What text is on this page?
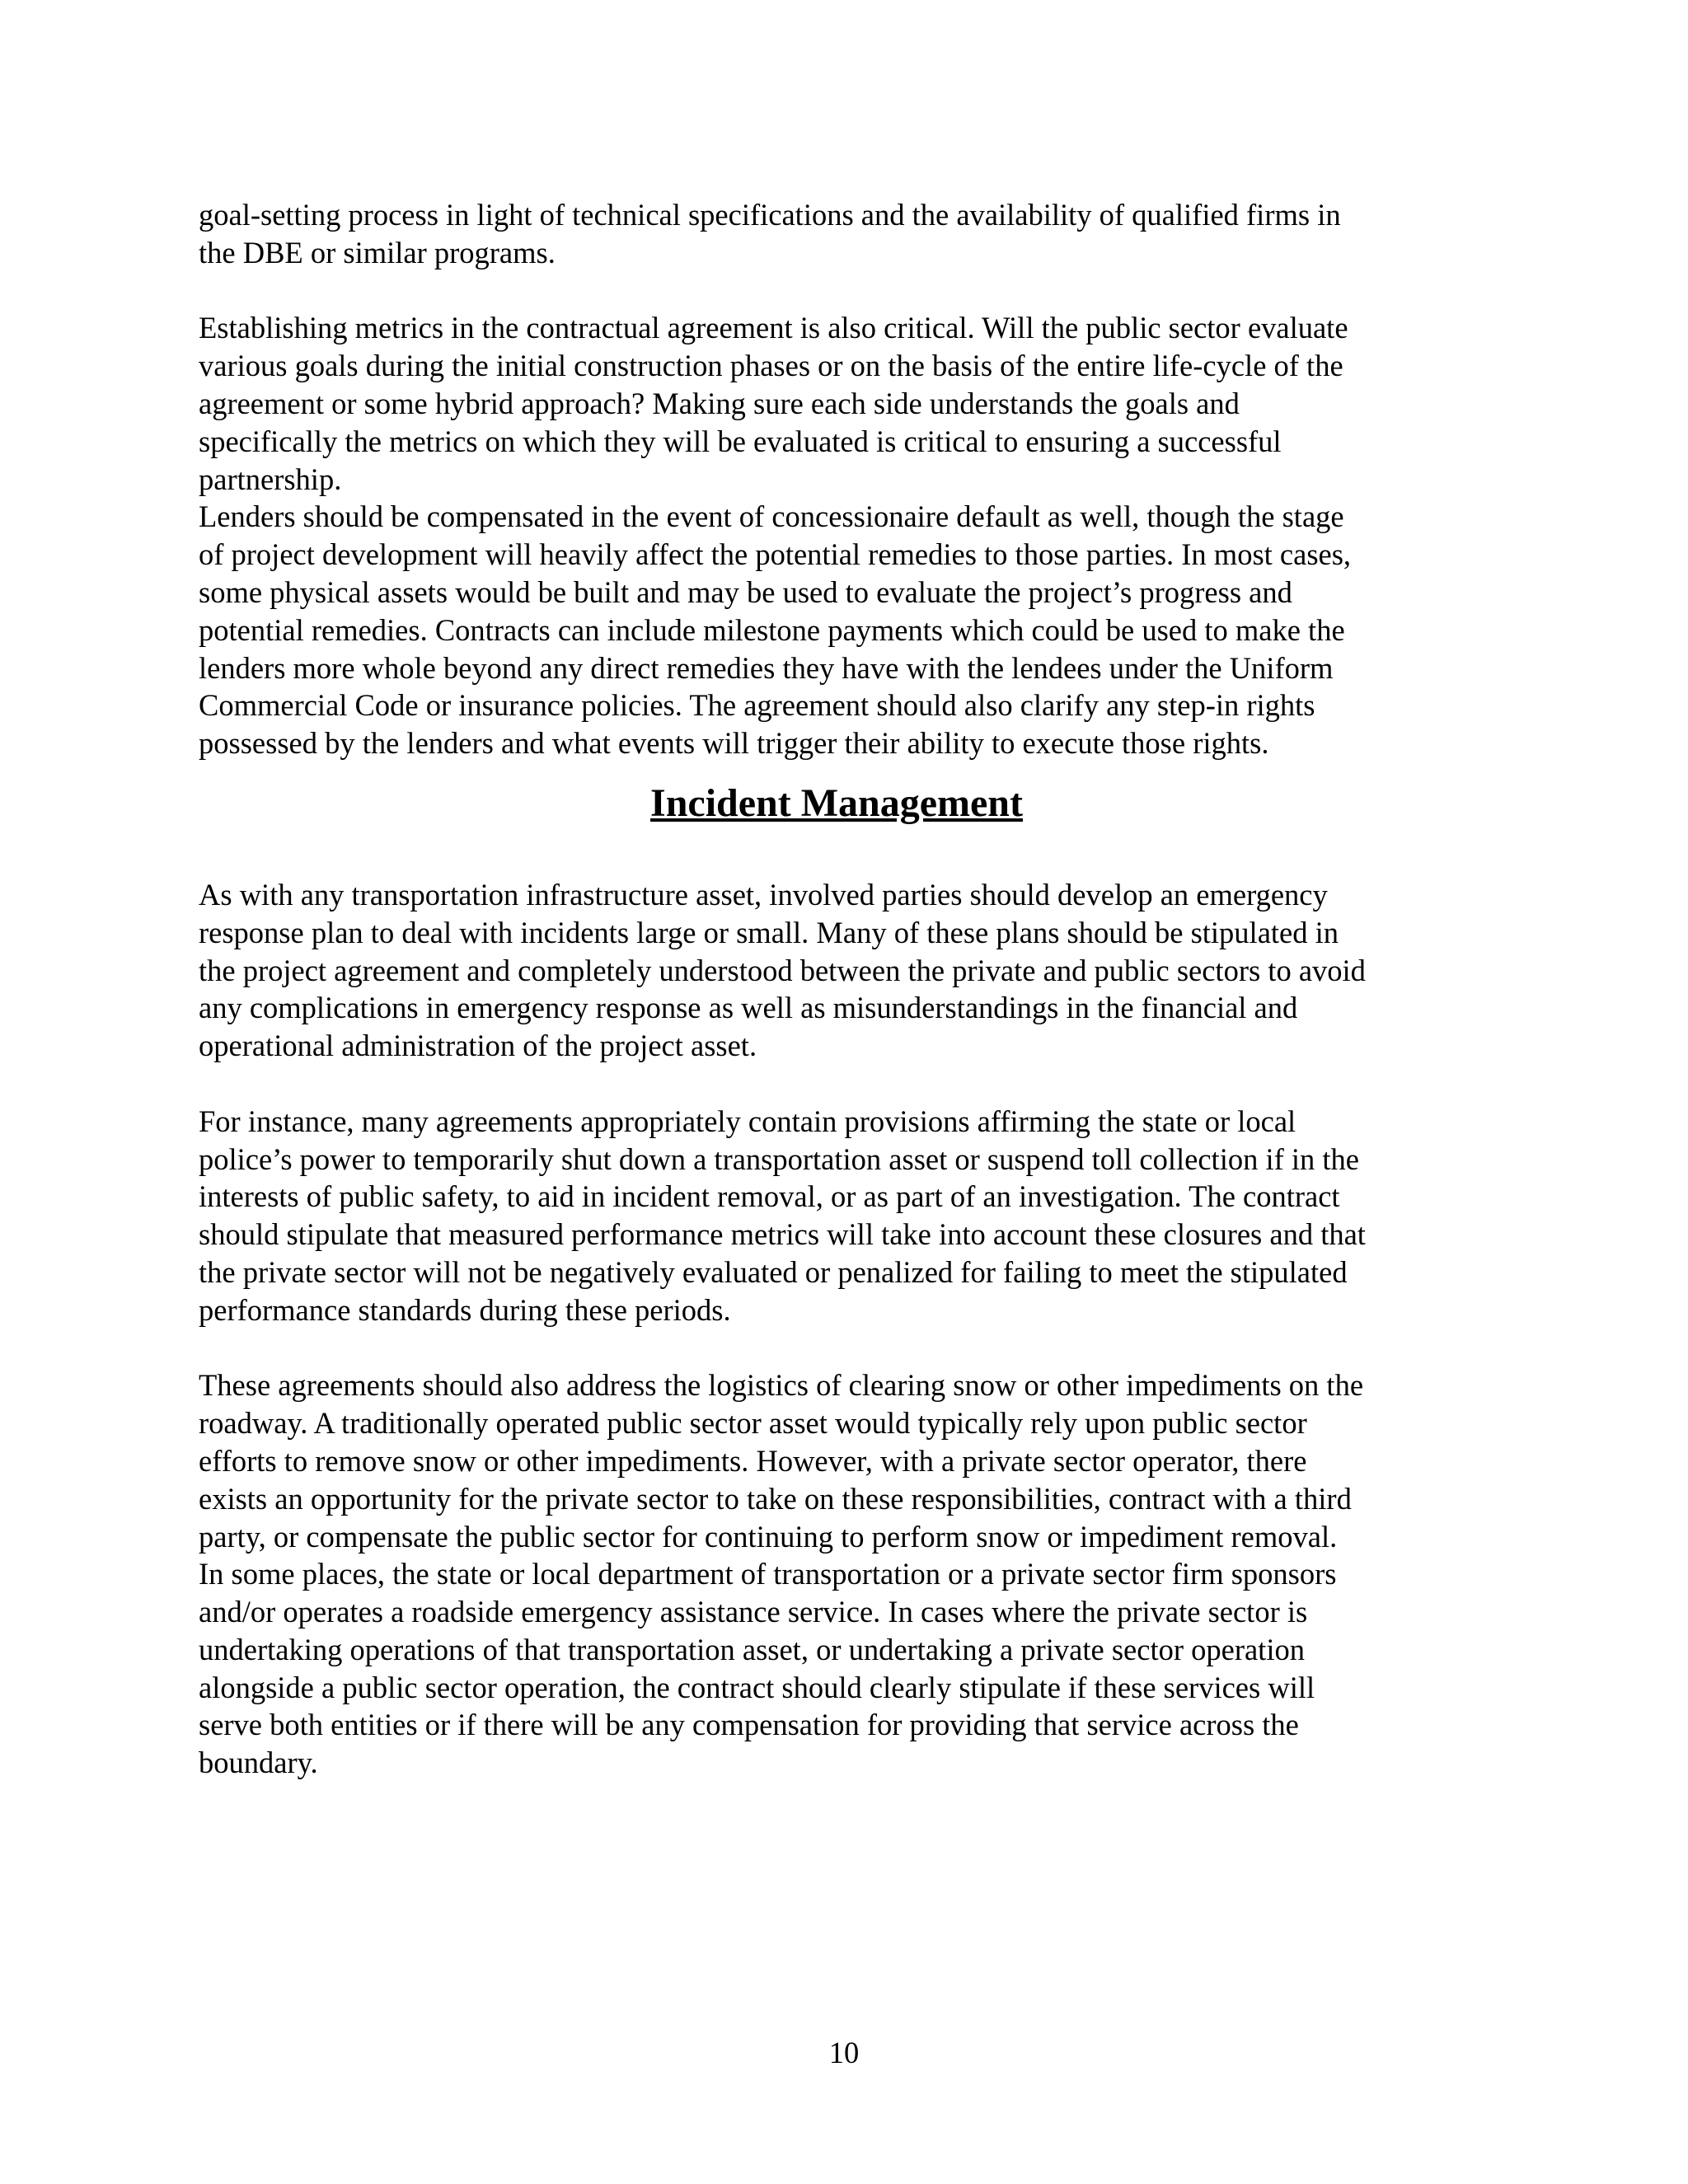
goal-setting process in light of technical specifications and the availability of qualified firms in
the DBE or similar programs.
Establishing metrics in the contractual agreement is also critical. Will the public sector evaluate
various goals during the initial construction phases or on the basis of the entire life-cycle of the
agreement or some hybrid approach? Making sure each side understands the goals and
specifically the metrics on which they will be evaluated is critical to ensuring a successful
partnership.
Lenders should be compensated in the event of concessionaire default as well, though the stage
of project development will heavily affect the potential remedies to those parties. In most cases,
some physical assets would be built and may be used to evaluate the project’s progress and
potential remedies. Contracts can include milestone payments which could be used to make the
lenders more whole beyond any direct remedies they have with the lendees under the Uniform
Commercial Code or insurance policies. The agreement should also clarify any step-in rights
possessed by the lenders and what events will trigger their ability to execute those rights.
Incident Management
As with any transportation infrastructure asset, involved parties should develop an emergency
response plan to deal with incidents large or small. Many of these plans should be stipulated in
the project agreement and completely understood between the private and public sectors to avoid
any complications in emergency response as well as misunderstandings in the financial and
operational administration of the project asset.
For instance, many agreements appropriately contain provisions affirming the state or local
police’s power to temporarily shut down a transportation asset or suspend toll collection if in the
interests of public safety, to aid in incident removal, or as part of an investigation. The contract
should stipulate that measured performance metrics will take into account these closures and that
the private sector will not be negatively evaluated or penalized for failing to meet the stipulated
performance standards during these periods.
These agreements should also address the logistics of clearing snow or other impediments on the
roadway. A traditionally operated public sector asset would typically rely upon public sector
efforts to remove snow or other impediments. However, with a private sector operator, there
exists an opportunity for the private sector to take on these responsibilities, contract with a third
party, or compensate the public sector for continuing to perform snow or impediment removal.
In some places, the state or local department of transportation or a private sector firm sponsors
and/or operates a roadside emergency assistance service. In cases where the private sector is
undertaking operations of that transportation asset, or undertaking a private sector operation
alongside a public sector operation, the contract should clearly stipulate if these services will
serve both entities or if there will be any compensation for providing that service across the
boundary.
10
